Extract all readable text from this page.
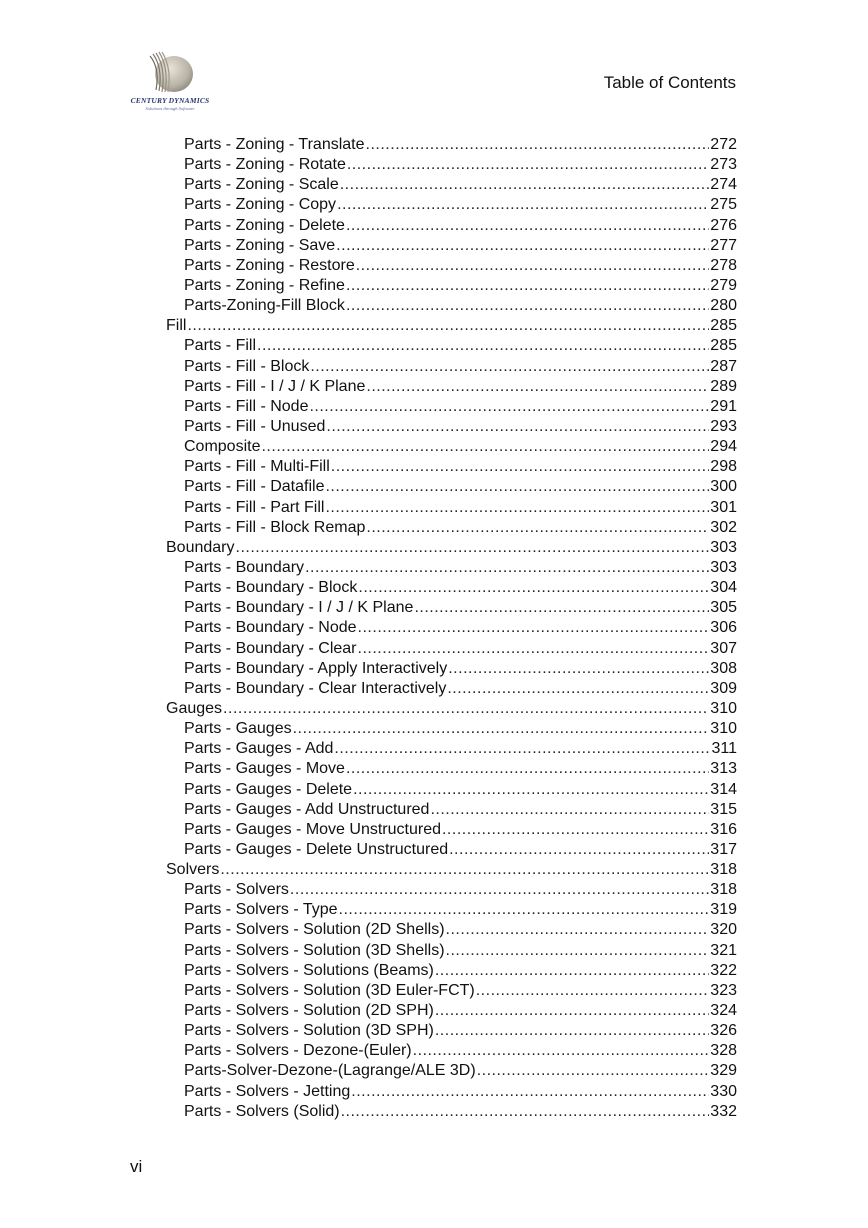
CENTURY DYNAMICS
Solutions through Software
Table of Contents
Parts - Zoning - Translate .....	272
Parts - Zoning - Rotate .....	273
Parts - Zoning - Scale .....	274
Parts - Zoning - Copy .....	275
Parts - Zoning - Delete .....	276
Parts - Zoning - Save .....	277
Parts - Zoning - Restore .....	278
Parts - Zoning - Refine .....	279
Parts-Zoning-Fill Block .....	280
Fill .....	285
Parts - Fill .....	285
Parts - Fill - Block .....	287
Parts - Fill - I / J / K Plane .....	289
Parts - Fill - Node .....	291
Parts - Fill - Unused .....	293
Composite .....	294
Parts - Fill - Multi-Fill .....	298
Parts - Fill - Datafile .....	300
Parts - Fill - Part Fill .....	301
Parts - Fill - Block Remap .....	302
Boundary .....	303
Parts - Boundary .....	303
Parts - Boundary - Block .....	304
Parts - Boundary - I / J / K Plane .....	305
Parts - Boundary - Node .....	306
Parts - Boundary - Clear .....	307
Parts - Boundary - Apply Interactively .....	308
Parts - Boundary - Clear Interactively .....	309
Gauges .....	310
Parts - Gauges .....	310
Parts - Gauges - Add .....	311
Parts - Gauges - Move .....	313
Parts - Gauges - Delete .....	314
Parts - Gauges - Add Unstructured .....	315
Parts - Gauges - Move Unstructured .....	316
Parts - Gauges - Delete Unstructured .....	317
Solvers .....	318
Parts - Solvers .....	318
Parts - Solvers - Type .....	319
Parts - Solvers - Solution (2D Shells) .....	320
Parts - Solvers - Solution (3D Shells) .....	321
Parts - Solvers - Solutions (Beams) .....	322
Parts - Solvers - Solution (3D Euler-FCT) .....	323
Parts - Solvers - Solution (2D SPH) .....	324
Parts - Solvers - Solution (3D SPH) .....	326
Parts - Solvers - Dezone-(Euler) .....	328
Parts-Solver-Dezone-(Lagrange/ALE 3D) .....	329
Parts - Solvers - Jetting .....	330
Parts - Solvers (Solid) .....	332
vi
